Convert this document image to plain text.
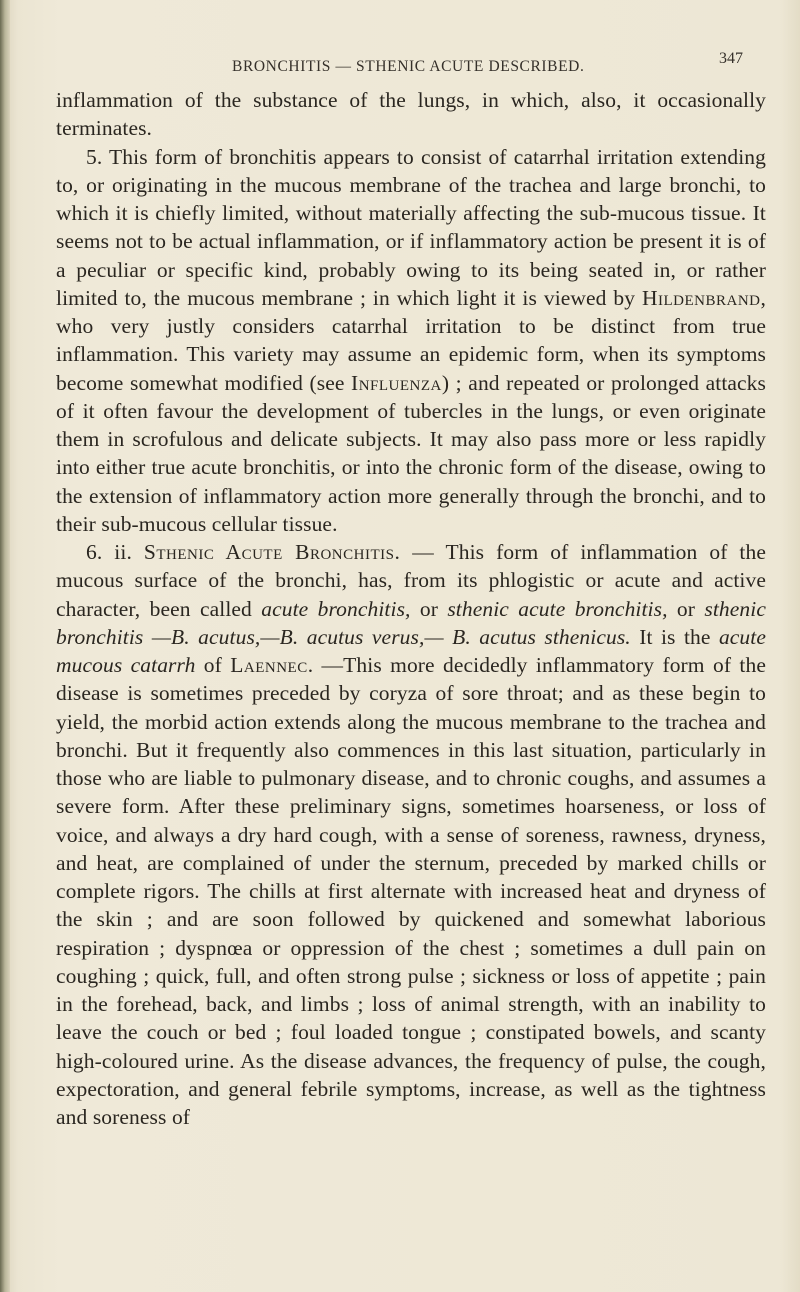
BRONCHITIS — STHENIC ACUTE DESCRIBED.	347

inflammation of the substance of the lungs, in which, also, it occasionally terminates.

5. This form of bronchitis appears to consist of catarrhal irritation extending to, or originating in the mucous membrane of the trachea and large bronchi, to which it is chiefly limited, without materially affecting the sub-mucous tissue. It seems not to be actual inflammation, or if inflammatory action be present it is of a peculiar or specific kind, probably owing to its being seated in, or rather limited to, the mucous membrane ; in which light it is viewed by Hildenbrand, who very justly considers catarrhal irritation to be distinct from true inflammation. This variety may assume an epidemic form, when its symptoms become somewhat modified (see Influenza) ; and repeated or prolonged attacks of it often favour the development of tubercles in the lungs, or even originate them in scrofulous and delicate subjects. It may also pass more or less rapidly into either true acute bronchitis, or into the chronic form of the disease, owing to the extension of inflammatory action more generally through the bronchi, and to their sub-mucous cellular tissue.

6. ii. Sthenic Acute Bronchitis. — This form of inflammation of the mucous surface of the bronchi, has, from its phlogistic or acute and active character, been called acute bronchitis, or sthenic acute bronchitis, or sthenic bronchitis —B. acutus,—B. acutus verus,— B. acutus sthenicus. It is the acute mucous catarrh of Laennec. —This more decidedly inflammatory form of the disease is sometimes preceded by coryza of sore throat; and as these begin to yield, the morbid action extends along the mucous membrane to the trachea and bronchi. But it frequently also commences in this last situation, particularly in those who are liable to pulmonary disease, and to chronic coughs, and assumes a severe form. After these preliminary signs, sometimes hoarseness, or loss of voice, and always a dry hard cough, with a sense of soreness, rawness, dryness, and heat, are complained of under the sternum, preceded by marked chills or complete rigors. The chills at first alternate with increased heat and dryness of the skin ; and are soon followed by quickened and somewhat laborious respiration ; dyspnœa or oppression of the chest ; sometimes a dull pain on coughing ; quick, full, and often strong pulse ; sickness or loss of appetite ; pain in the forehead, back, and limbs ; loss of animal strength, with an inability to leave the couch or bed ; foul loaded tongue ; constipated bowels, and scanty high-coloured urine. As the disease advances, the frequency of pulse, the cough, expectoration, and general febrile symptoms, increase, as well as the tightness and soreness of
